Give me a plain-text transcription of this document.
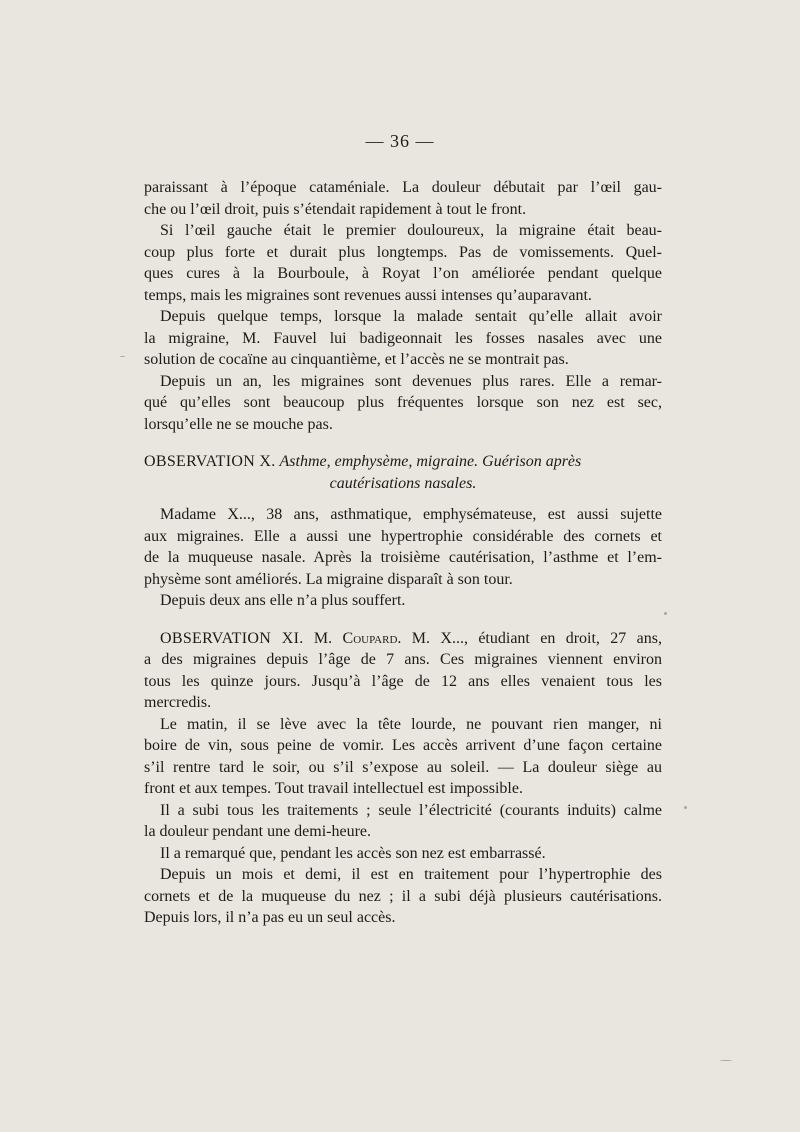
— 36 —
paraissant à l’époque cataméniale. La douleur débutait par l’œil gau-
che ou l’œil droit, puis s’étendait rapidement à tout le front.
Si l’œil gauche était le premier douloureux, la migraine était beau-
coup plus forte et durait plus longtemps. Pas de vomissements. Quel-
ques cures à la Bourboule, à Royat l’on améliorée pendant quelque
temps, mais les migraines sont revenues aussi intenses qu’auparavant.
Depuis quelque temps, lorsque la malade sentait qu’elle allait avoir
la migraine, M. Fauvel lui badigeonnait les fosses nasales avec une
solution de cocaïne au cinquantième, et l’accès ne se montrait pas.
Depuis un an, les migraines sont devenues plus rares. Elle a remar-
qué qu’elles sont beaucoup plus fréquentes lorsque son nez est sec,
lorsqu’elle ne se mouche pas.
OBSERVATION X. Asthme, emphysème, migraine. Guérison après
cautérisations nasales.
Madame X..., 38 ans, asthmatique, emphysémateuse, est aussi sujette
aux migraines. Elle a aussi une hypertrophie considérable des cornets et
de la muqueuse nasale. Après la troisième cautérisation, l’asthme et l’em-
physème sont améliorés. La migraine disparaît à son tour.
Depuis deux ans elle n’a plus souffert.
OBSERVATION XI. M. Coupard. M. X..., étudiant en droit, 27 ans,
a des migraines depuis l’âge de 7 ans. Ces migraines viennent environ
tous les quinze jours. Jusqu’à l’âge de 12 ans elles venaient tous les
mercredis.
Le matin, il se lève avec la tête lourde, ne pouvant rien manger, ni
boire de vin, sous peine de vomir. Les accès arrivent d’une façon certaine
s’il rentre tard le soir, ou s’il s’expose au soleil. — La douleur siège au
front et aux tempes. Tout travail intellectuel est impossible.
Il a subi tous les traitements ; seule l’électricité (courants induits) calme
la douleur pendant une demi-heure.
Il a remarqué que, pendant les accès son nez est embarrassé.
Depuis un mois et demi, il est en traitement pour l’hypertrophie des
cornets et de la muqueuse du nez ; il a subi déjà plusieurs cautérisations.
Depuis lors, il n’a pas eu un seul accès.
